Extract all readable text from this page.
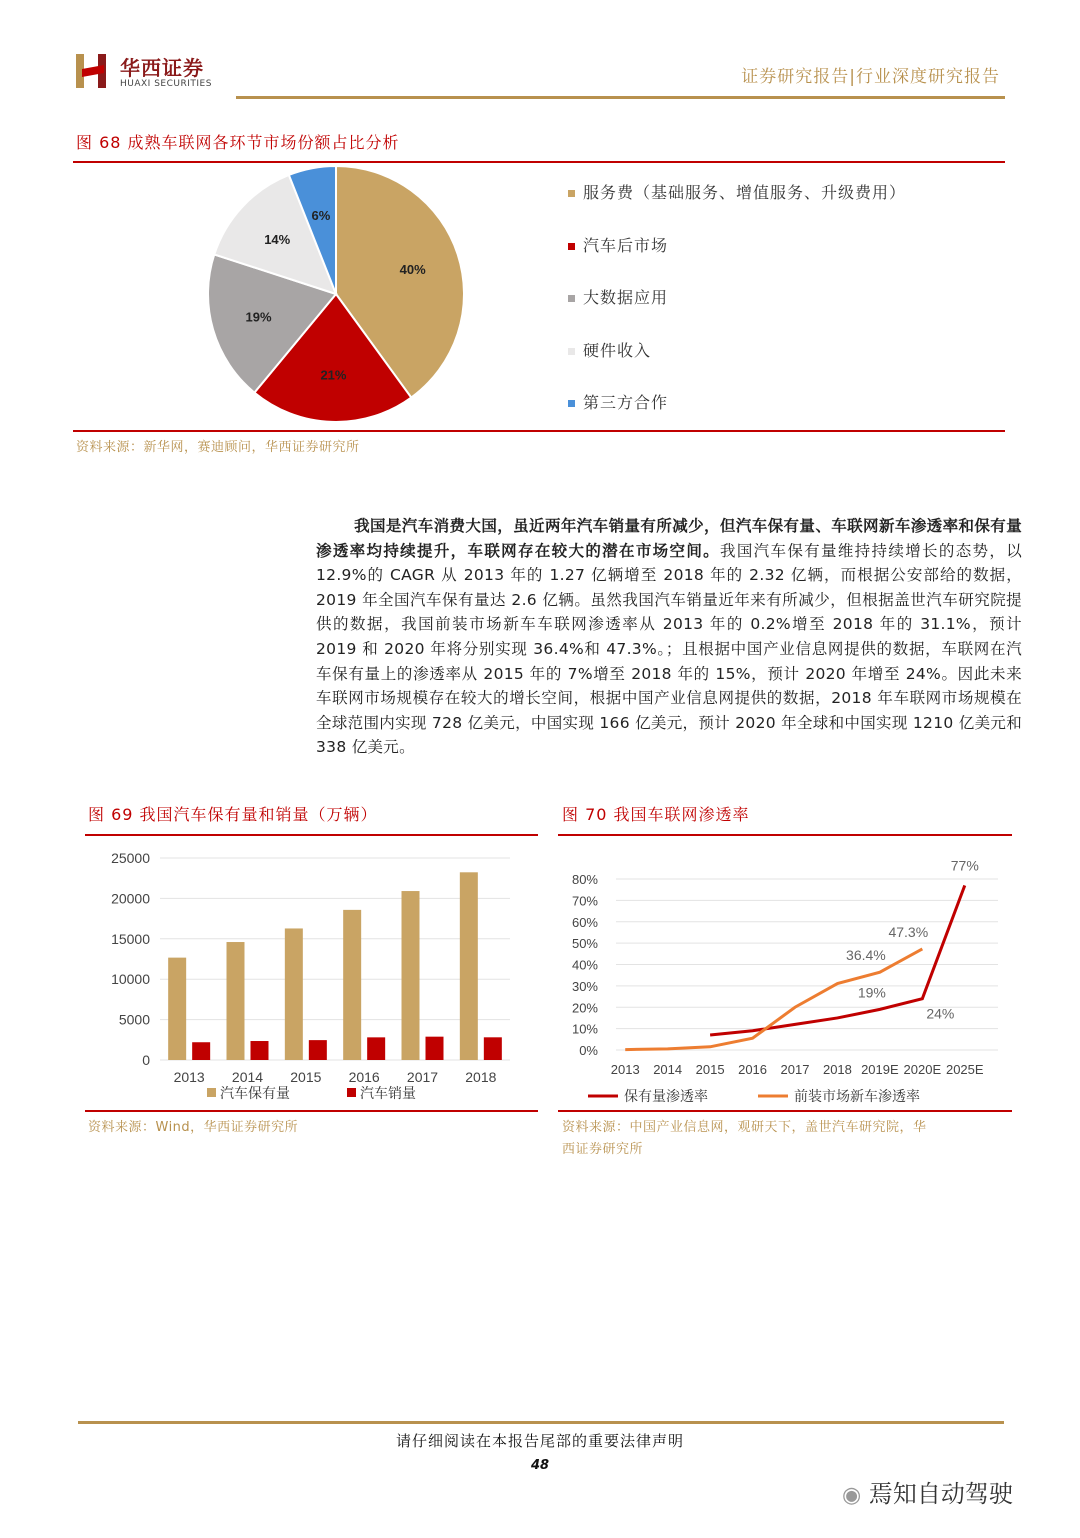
华西证券
HUAXI SECURITIES	证券研究报告|行业深度研究报告
图 68 成熟车联网各环节市场份额占比分析
40%
21%
19%
14%
6%
服务费（基础服务、增值服务、升级费用）
汽车后市场
大数据应用
硬件收入
第三方合作
资料来源：新华网，赛迪顾问，华西证券研究所
我国是汽车消费大国，虽近两年汽车销量有所减少，但汽车保有量、车联网新车渗透率和保有量渗透率均持续提升，车联网存在较大的潜在市场空间。我国汽车保有量维持持续增长的态势，以12.9%的 CAGR 从 2013 年的 1.27 亿辆增至 2018 年的 2.32 亿辆，而根据公安部给的数据，2019 年全国汽车保有量达 2.6 亿辆。虽然我国汽车销量近年来有所减少，但根据盖世汽车研究院提供的数据，我国前装市场新车车联网渗透率从 2013 年的 0.2%增至 2018 年的 31.1%，预计 2019 和 2020 年将分别实现 36.4%和 47.3%。；且根据中国产业信息网提供的数据，车联网在汽车保有量上的渗透率从 2015 年的 7%增至 2018 年的 15%，预计 2020 年增至 24%。因此未来车联网市场规模存在较大的增长空间，根据中国产业信息网提供的数据，2018 年车联网市场规模在全球范围内实现 728 亿美元，中国实现 166 亿美元，预计 2020 年全球和中国实现 1210 亿美元和 338 亿美元。
图 69 我国汽车保有量和销量（万辆）
0
5000
10000
15000
20000
25000
2013 2014 2015 2016 2017 2018
汽车保有量	汽车销量
资料来源：Wind，华西证券研究所
图 70 我国车联网渗透率
0%
10%
20%
30%
40%
50%
60%
70%
80%
2013 2014 2015 2016 2017 2018 2019E 2020E 2025E
19%
24%
77%
36.4%
47.3%
保有量渗透率	前装市场新车渗透率
资料来源：中国产业信息网，观研天下，盖世汽车研究院，华
西证券研究所
请仔细阅读在本报告尾部的重要法律声明
48
◉ 焉知自动驾驶
